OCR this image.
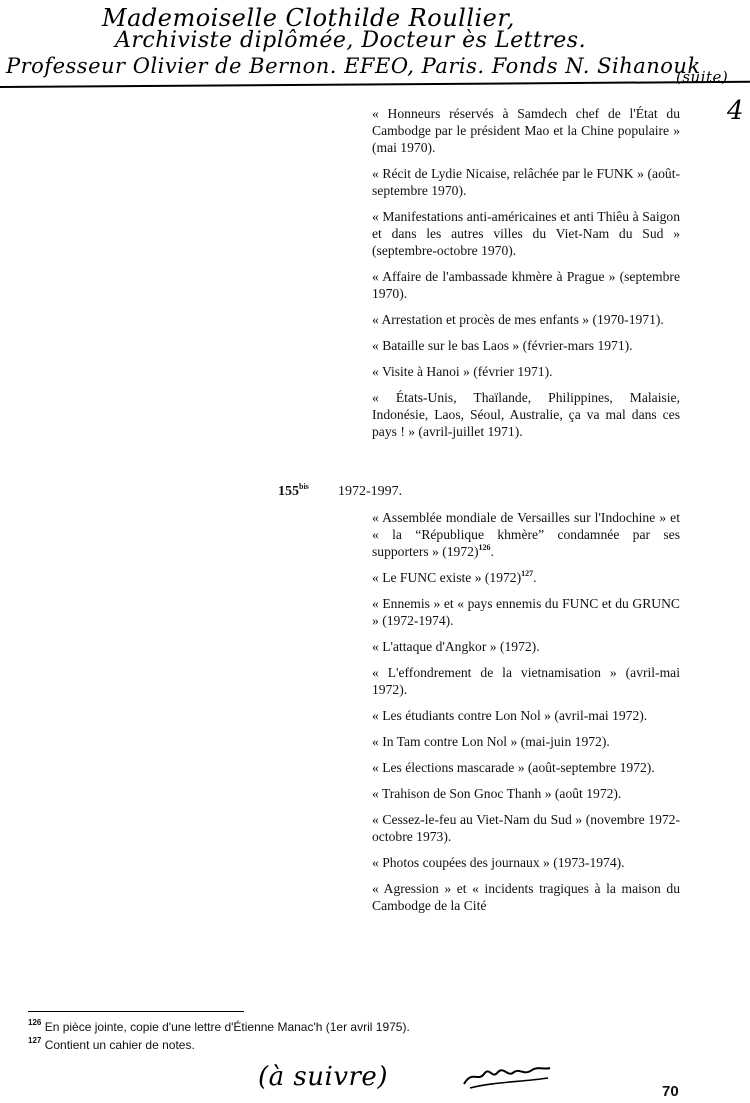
Mademoiselle Clothilde Roullier,
Archiviste diplômée, Docteur ès Lettres.
Professeur Olivier de Bernon. EFEO, Paris. Fonds N. Sihanouk
(suite)
4
« Honneurs réservés à Samdech chef de l'État du Cambodge par le président Mao et la Chine populaire » (mai 1970).
« Récit de Lydie Nicaise, relâchée par le FUNK » (août-septembre 1970).
« Manifestations anti-américaines et anti Thiêu à Saigon et dans les autres villes du Viet-Nam du Sud » (septembre-octobre 1970).
« Affaire de l'ambassade khmère à Prague » (septembre 1970).
« Arrestation et procès de mes enfants » (1970-1971).
« Bataille sur le bas Laos » (février-mars 1971).
« Visite à Hanoi » (février 1971).
« États-Unis, Thaïlande, Philippines, Malaisie, Indonésie, Laos, Séoul, Australie, ça va mal dans ces pays ! » (avril-juillet 1971).
$155^{bis}$ 1972-1997.
« Assemblée mondiale de Versailles sur l'Indochine » et « la “République khmère” condamnée par ses supporters » $(1972)^{126}$.
« Le FUNC existe » $(1972)^{127}$.
« Ennemis » et « pays ennemis du FUNC et du GRUNC » (1972-1974).
« L'attaque d'Angkor » (1972).
« L'effondrement de la vietnamisation » (avril-mai 1972).
« Les étudiants contre Lon Nol » (avril-mai 1972).
« In Tam contre Lon Nol » (mai-juin 1972).
« Les élections mascarade » (août-septembre 1972).
« Trahison de Son Gnoc Thanh » (août 1972).
« Cessez-le-feu au Viet-Nam du Sud » (novembre 1972-octobre 1973).
« Photos coupées des journaux » (1973-1974).
« Agression » et « incidents tragiques à la maison du Cambodge de la Cité
$^{126}$ En pièce jointe, copie d'une lettre d'Étienne Manac'h (1er avril 1975).
$^{127}$ Contient un cahier de notes.
(à suivre)	70
